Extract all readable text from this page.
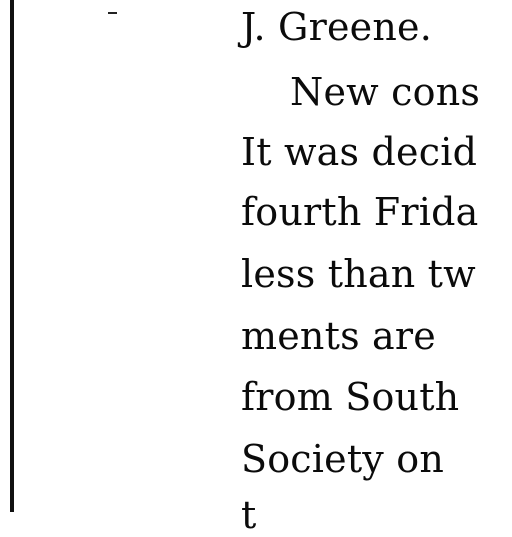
J. Greene.
New cons
It was decid
fourth Frida
less than tw
ments are
from South
Society on
t
